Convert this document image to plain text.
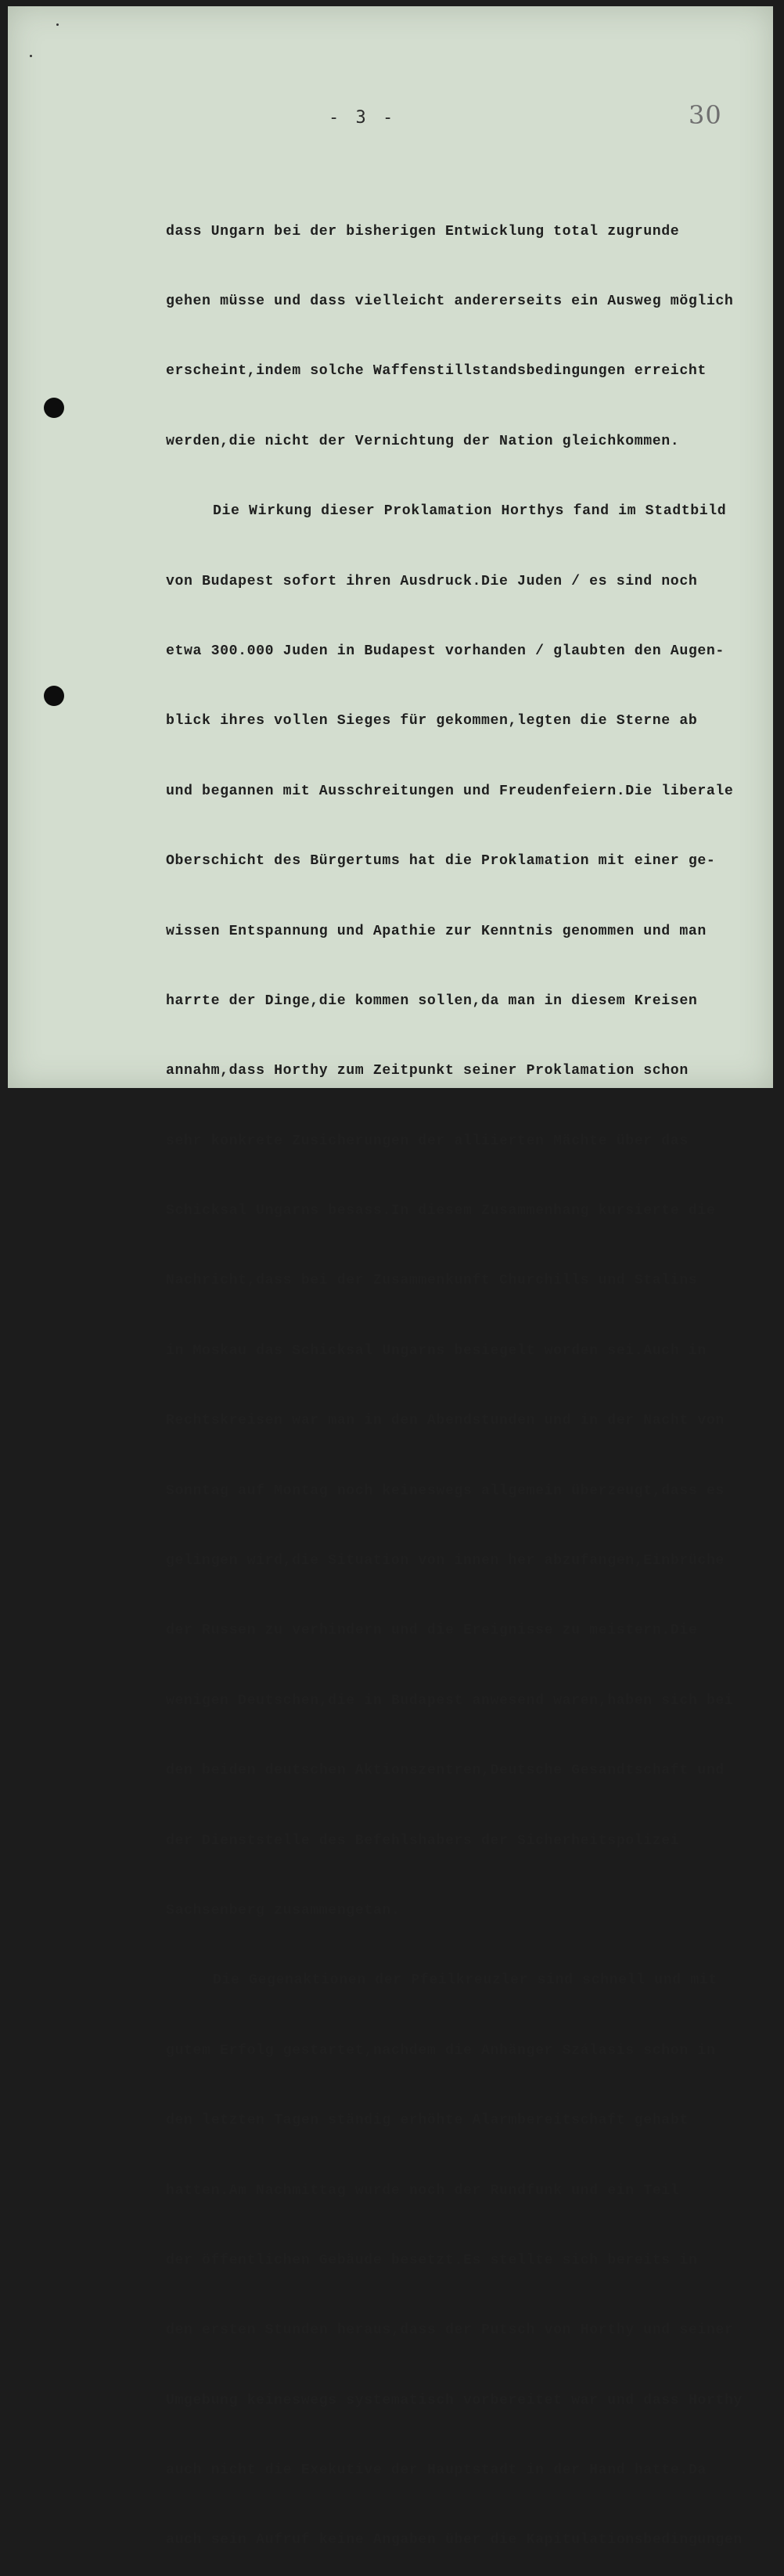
- 3 -	30

dass Ungarn bei der bisherigen Entwicklung total zugrunde

gehen müsse und dass vielleicht andererseits ein Ausweg möglich

erscheint,indem solche Waffenstillstandsbedingungen erreicht

werden,die nicht der Vernichtung der Nation gleichkommen.

Die Wirkung dieser Proklamation Horthys fand im Stadtbild

von Budapest sofort ihren Ausdruck.Die Juden / es sind noch

etwa 300.000 Juden in Budapest vorhanden / glaubten den Augen-

blick ihres vollen Sieges für gekommen,legten die Sterne ab

und begannen mit Ausschreitungen und Freudenfeiern.Die liberale

Oberschicht des Bürgertums hat die Proklamation mit einer ge-

wissen Entspannung und Apathie zur Kenntnis genommen und man

harrte der Dinge,die kommen sollen,da man in diesem Kreisen

annahm,dass Horthy zum Zeitpunkt seiner Proklamation schon

sehr konkrete Zusicherungen der alliierten Mächte über das

Schicksal Ungarns besass.In diesem Zusammenhang kursierte die

Nachricht,dass bei der Zusammenkunft Churchills und Stalins

in Moskau das Schicksal Ungarns besiegelt worden sei.Auch in

Rechtskreisen war man in den Abendstunden und in der Nacht von

Sonntag auf Montag noch keineswegs allgemein überzeugt,dass es

gelingen wird,die Situation von innen her abzufangen,Einbrüche

der Russen zu verhindern und die Ereignisse zu meistern.Die

wenigen Deutschen,die in Budapest anwesend waren,haben sich bei

den beiden deutschen Aktionszentren,Deutsche Gesandtschaft und

der Dienststelle des Befehlshabers der Sicherheitspolizei

Sachsenberg zusammengetan.

Die Gegenaktionen der Pfeilkreuzler sind schnell und mit

gutem Erfolg gestartet,nachdem die Anhänger Szálasis schon in

den letzten Tagen ständig erhöhte Alarmbereitschaft gehabt

hatten.Am Nachmittag wurde noch der Rundfunk und ein Teil

der öffentlichen Gebäude besetzt.Es stellte sich bereits in

den ersten Stunden heraus,dass der Putsch von Horthy und seiner

Umgebung keineswegs systematisch vorbereitet war und dass Horthy

auch nicht die Exekutive der Hauptstadt in der Hand hatte.Da

auch sein Aufruf keine Angaben über die Kapitulationsbedingungen
